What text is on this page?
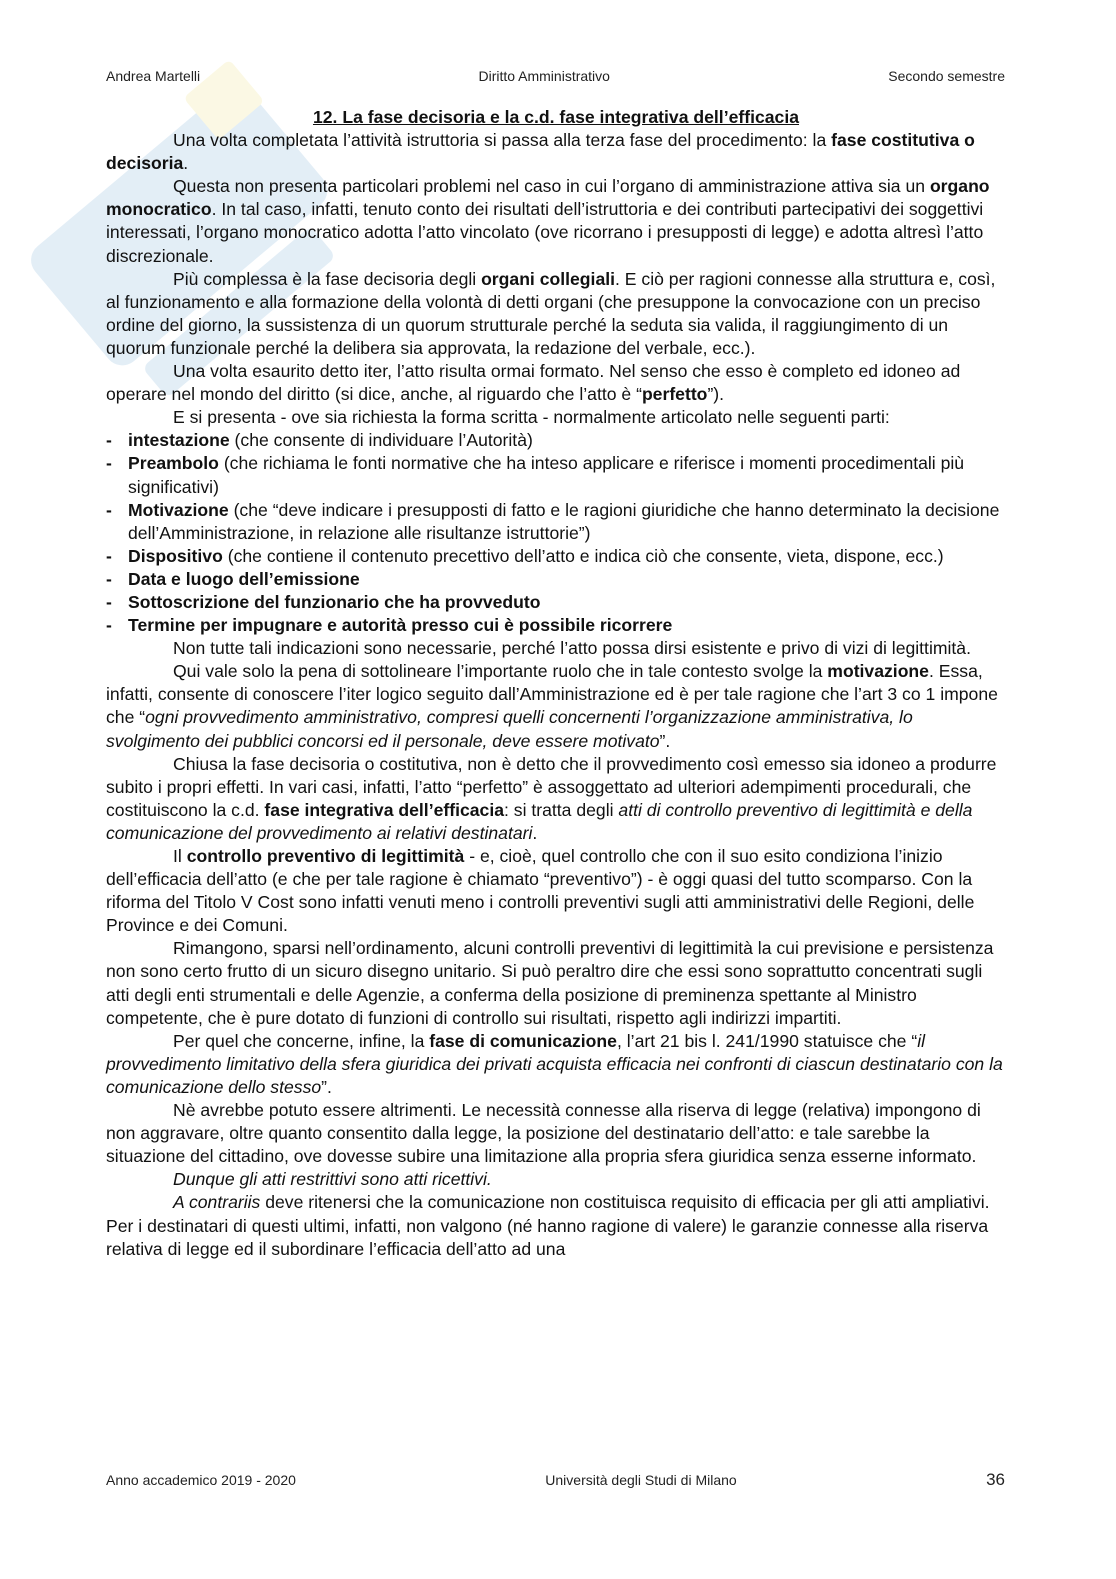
Andrea Martelli	Diritto Amministrativo	Secondo semestre

12. La fase decisoria e la c.d. fase integrativa dell’efficacia

Una volta completata l’attività istruttoria si passa alla terza fase del procedimento: la fase costitutiva o decisoria.

Questa non presenta particolari problemi nel caso in cui l’organo di amministrazione attiva sia un organo monocratico. In tal caso, infatti, tenuto conto dei risultati dell’istruttoria e dei contributi partecipativi dei soggettivi interessati, l’organo monocratico adotta l’atto vincolato (ove ricorrano i presupposti di legge) e adotta altresì l’atto discrezionale.

Più complessa è la fase decisoria degli organi collegiali. E ciò per ragioni connesse alla struttura e, così, al funzionamento e alla formazione della volontà di detti organi (che presuppone la convocazione con un preciso ordine del giorno, la sussistenza di un quorum strutturale perché la seduta sia valida, il raggiungimento di un quorum funzionale perché la delibera sia approvata, la redazione del verbale, ecc.).

Una volta esaurito detto iter, l’atto risulta ormai formato. Nel senso che esso è completo ed idoneo ad operare nel mondo del diritto (si dice, anche, al riguardo che l’atto è “perfetto”).

E si presenta - ove sia richiesta la forma scritta - normalmente articolato nelle seguenti parti:

- intestazione (che consente di individuare l’Autorità)
- Preambolo (che richiama le fonti normative che ha inteso applicare e riferisce i momenti procedimentali più significativi)
- Motivazione (che “deve indicare i presupposti di fatto e le ragioni giuridiche che hanno determinato la decisione dell’Amministrazione, in relazione alle risultanze istruttorie”)
- Dispositivo (che contiene il contenuto precettivo dell’atto e indica ciò che consente, vieta, dispone, ecc.)
- Data e luogo dell’emissione
- Sottoscrizione del funzionario che ha provveduto
- Termine per impugnare e autorità presso cui è possibile ricorrere

Non tutte tali indicazioni sono necessarie, perché l’atto possa dirsi esistente e privo di vizi di legittimità.

Qui vale solo la pena di sottolineare l’importante ruolo che in tale contesto svolge la motivazione. Essa, infatti, consente di conoscere l’iter logico seguito dall’Amministrazione ed è per tale ragione che l’art 3 co 1 impone che “ogni provvedimento amministrativo, compresi quelli concernenti l’organizzazione amministrativa, lo svolgimento dei pubblici concorsi ed il personale, deve essere motivato”.

Chiusa la fase decisoria o costitutiva, non è detto che il provvedimento così emesso sia idoneo a produrre subito i propri effetti. In vari casi, infatti, l’atto “perfetto” è assoggettato ad ulteriori adempimenti procedurali, che costituiscono la c.d. fase integrativa dell’efficacia: si tratta degli atti di controllo preventivo di legittimità e della comunicazione del provvedimento ai relativi destinatari.

Il controllo preventivo di legittimità - e, cioè, quel controllo che con il suo esito condiziona l’inizio dell’efficacia dell’atto (e che per tale ragione è chiamato “preventivo”) - è oggi quasi del tutto scomparso. Con la riforma del Titolo V Cost sono infatti venuti meno i controlli preventivi sugli atti amministrativi delle Regioni, delle Province e dei Comuni.

Rimangono, sparsi nell’ordinamento, alcuni controlli preventivi di legittimità la cui previsione e persistenza non sono certo frutto di un sicuro disegno unitario. Si può peraltro dire che essi sono soprattutto concentrati sugli atti degli enti strumentali e delle Agenzie, a conferma della posizione di preminenza spettante al Ministro competente, che è pure dotato di funzioni di controllo sui risultati, rispetto agli indirizzi impartiti.

Per quel che concerne, infine, la fase di comunicazione, l’art 21 bis l. 241/1990 statuisce che “il provvedimento limitativo della sfera giuridica dei privati acquista efficacia nei confronti di ciascun destinatario con la comunicazione dello stesso”.

Nè avrebbe potuto essere altrimenti. Le necessità connesse alla riserva di legge (relativa) impongono di non aggravare, oltre quanto consentito dalla legge, la posizione del destinatario dell’atto: e tale sarebbe la situazione del cittadino, ove dovesse subire una limitazione alla propria sfera giuridica senza esserne informato.

Dunque gli atti restrittivi sono atti ricettivi.

A contrariis deve ritenersi che la comunicazione non costituisca requisito di efficacia per gli atti ampliativi. Per i destinatari di questi ultimi, infatti, non valgono (né hanno ragione di valere) le garanzie connesse alla riserva relativa di legge ed il subordinare l’efficacia dell’atto ad una

Anno accademico 2019 - 2020	Università degli Studi di Milano	36
